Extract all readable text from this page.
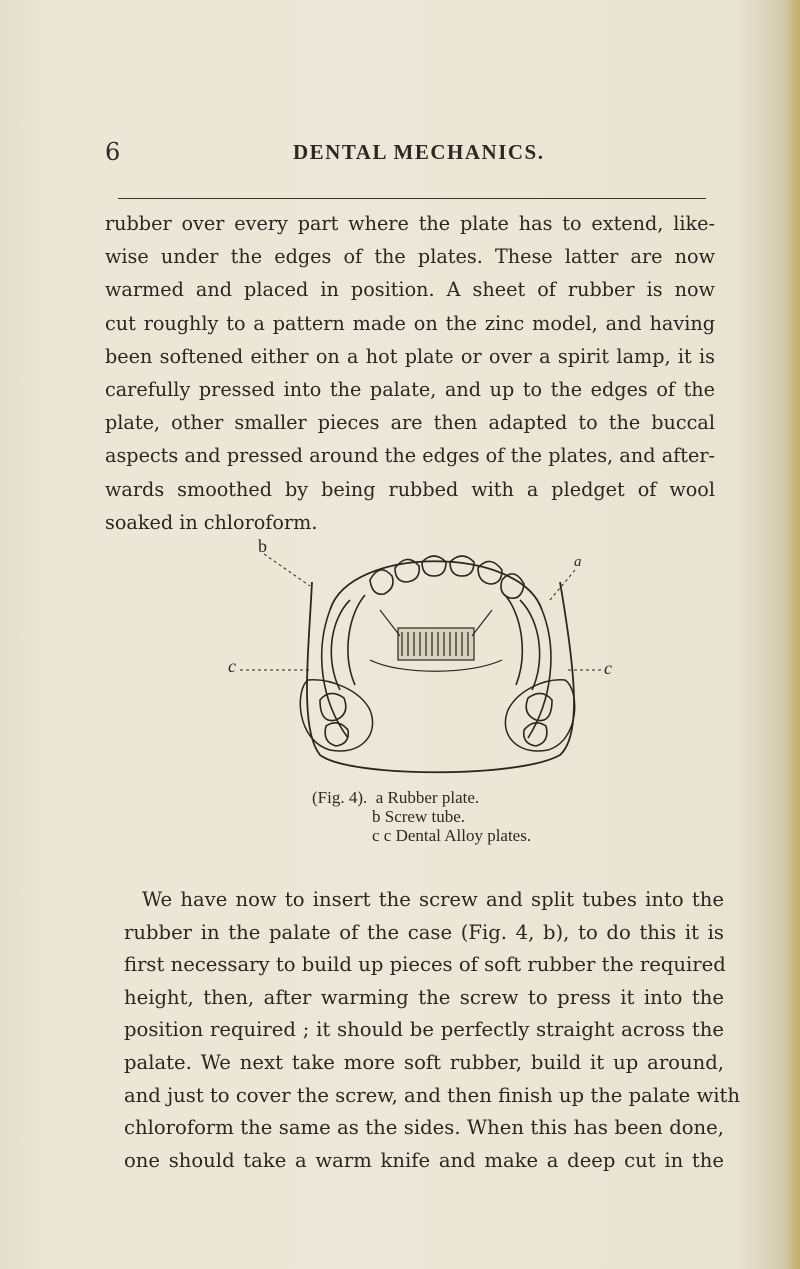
6	DENTAL MECHANICS.

rubber over every part where the plate has to extend, like-
wise under the edges of the plates. These latter are now
warmed and placed in position. A sheet of rubber is now
cut roughly to a pattern made on the zinc model, and having
been softened either on a hot plate or over a spirit lamp, it is
carefully pressed into the palate, and up to the edges of the
plate, other smaller pieces are then adapted to the buccal
aspects and pressed around the edges of the plates, and after-
wards smoothed by being rubbed with a pledget of wool
soaked in chloroform.

b
a
c	c
(Fig. 4). a Rubber plate.
b Screw tube.
c c Dental Alloy plates.

We have now to insert the screw and split tubes into the
rubber in the palate of the case (Fig. 4, b), to do this it is
first necessary to build up pieces of soft rubber the required
height, then, after warming the screw to press it into the
position required ; it should be perfectly straight across the
palate. We next take more soft rubber, build it up around,
and just to cover the screw, and then finish up the palate with
chloroform the same as the sides. When this has been done,
one should take a warm knife and make a deep cut in the
